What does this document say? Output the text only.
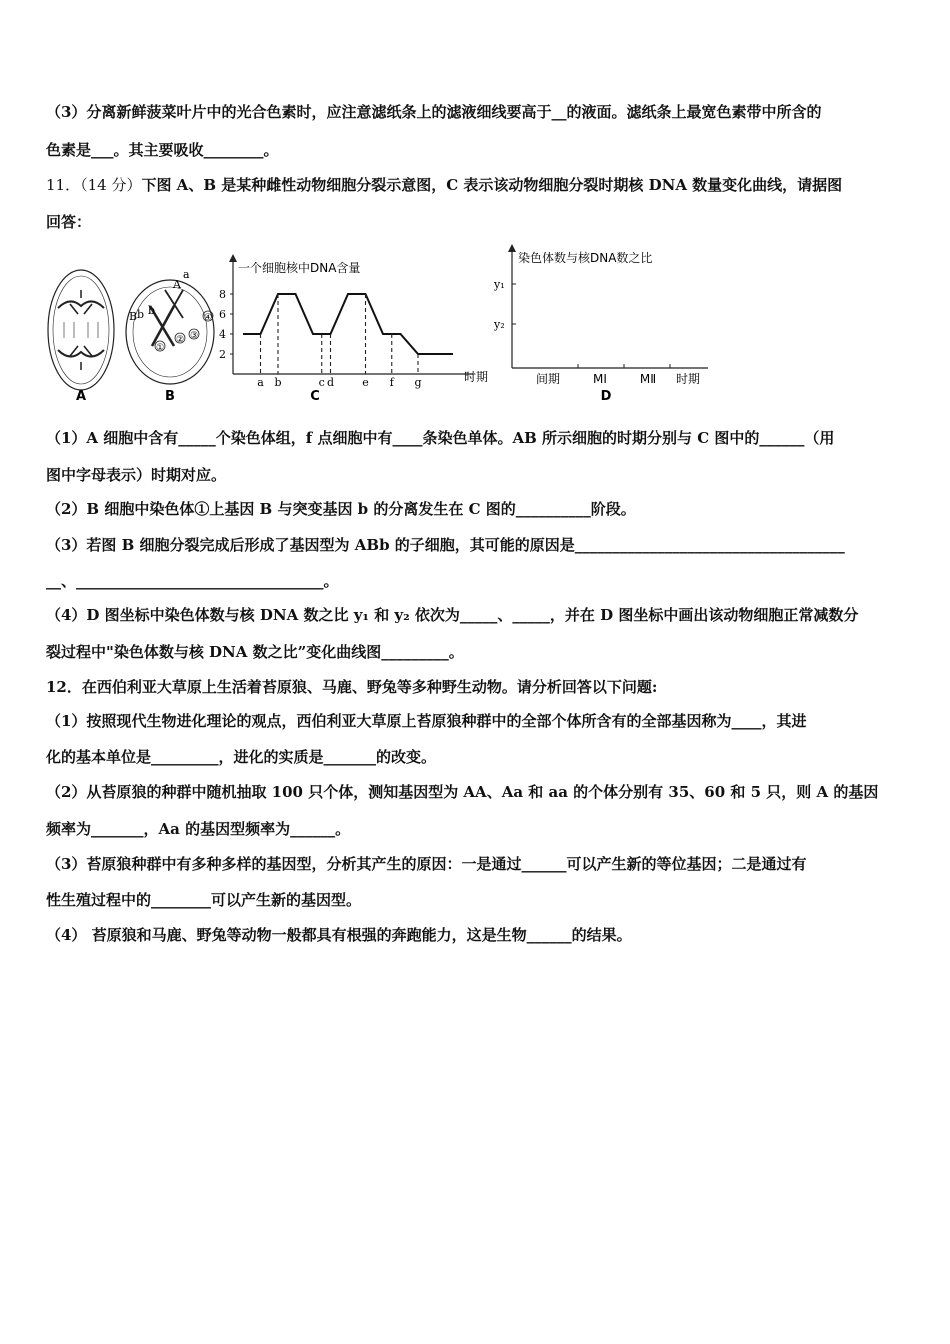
（3）分离新鲜菠菜叶片中的光合色素时，应注意滤纸条上的滤液细线要高于__的液面。滤纸条上最宽色素带中所含的
色素是___。其主要吸收________。
11．（14 分）下图 A、B 是某种雌性动物细胞分裂示意图，C 表示该动物细胞分裂时期核 DNA 数量变化曲线，请据图
回答：
A
A
a
B b b
①
② ③
④
B
一个细胞核中DNA含量
时期
2
4
6
8
a b	c d	e f g
C
染色体数与核DNA数之比
时期
y₁
y₂
间期	MⅠ	MⅡ
D
（1）A 细胞中含有_____个染色体组，f 点细胞中有____条染色单体。AB 所示细胞的时期分别与 C 图中的______（用
图中字母表示）时期对应。
（2）B 细胞中染色体①上基因 B 与突变基因 b 的分离发生在 C 图的__________阶段。
（3）若图 B 细胞分裂完成后形成了基因型为 ABb 的子细胞，其可能的原因是____________________________________
__、_________________________________。
（4）D 图坐标中染色体数与核 DNA 数之比 y₁ 和 y₂ 依次为_____、_____，并在 D 图坐标中画出该动物细胞正常减数分
裂过程中"染色体数与核 DNA 数之比”变化曲线图_________。
12．在西伯利亚大草原上生活着苔原狼、马鹿、野兔等多种野生动物。请分析回答以下问题:
（1）按照现代生物进化理论的观点，西伯利亚大草原上苔原狼种群中的全部个体所含有的全部基因称为____，其进
化的基本单位是_________，进化的实质是_______的改变。
（2）从苔原狼的种群中随机抽取 100 只个体，测知基因型为 AA、Aa 和 aa 的个体分别有 35、60 和 5 只，则 A 的基因
频率为_______，Aa 的基因型频率为______。
（3）苔原狼种群中有多种多样的基因型，分析其产生的原因：一是通过______可以产生新的等位基因；二是通过有
性生殖过程中的________可以产生新的基因型。
（4） 苔原狼和马鹿、野兔等动物一般都具有根强的奔跑能力，这是生物______的结果。
